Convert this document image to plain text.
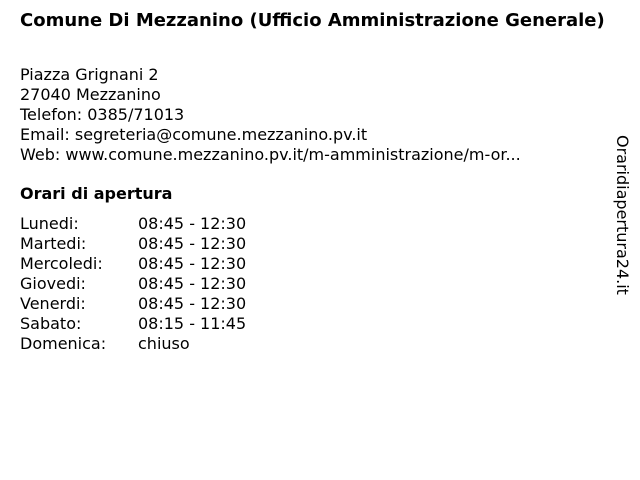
Comune Di Mezzanino (Ufficio Amministrazione Generale)
Piazza Grignani 2
27040 Mezzanino
Telefon: 0385/71013
Email: segreteria@comune.mezzanino.pv.it
Web: www.comune.mezzanino.pv.it/m-amministrazione/m-or...
Orari di apertura
Lunedi:	08:45 - 12:30
Martedi:	08:45 - 12:30
Mercoledi: 08:45 - 12:30
Giovedi:	08:45 - 12:30
Venerdi:	08:45 - 12:30
Sabato:	08:15 - 11:45
Domenica: chiuso
Oraridiapertura24.it
